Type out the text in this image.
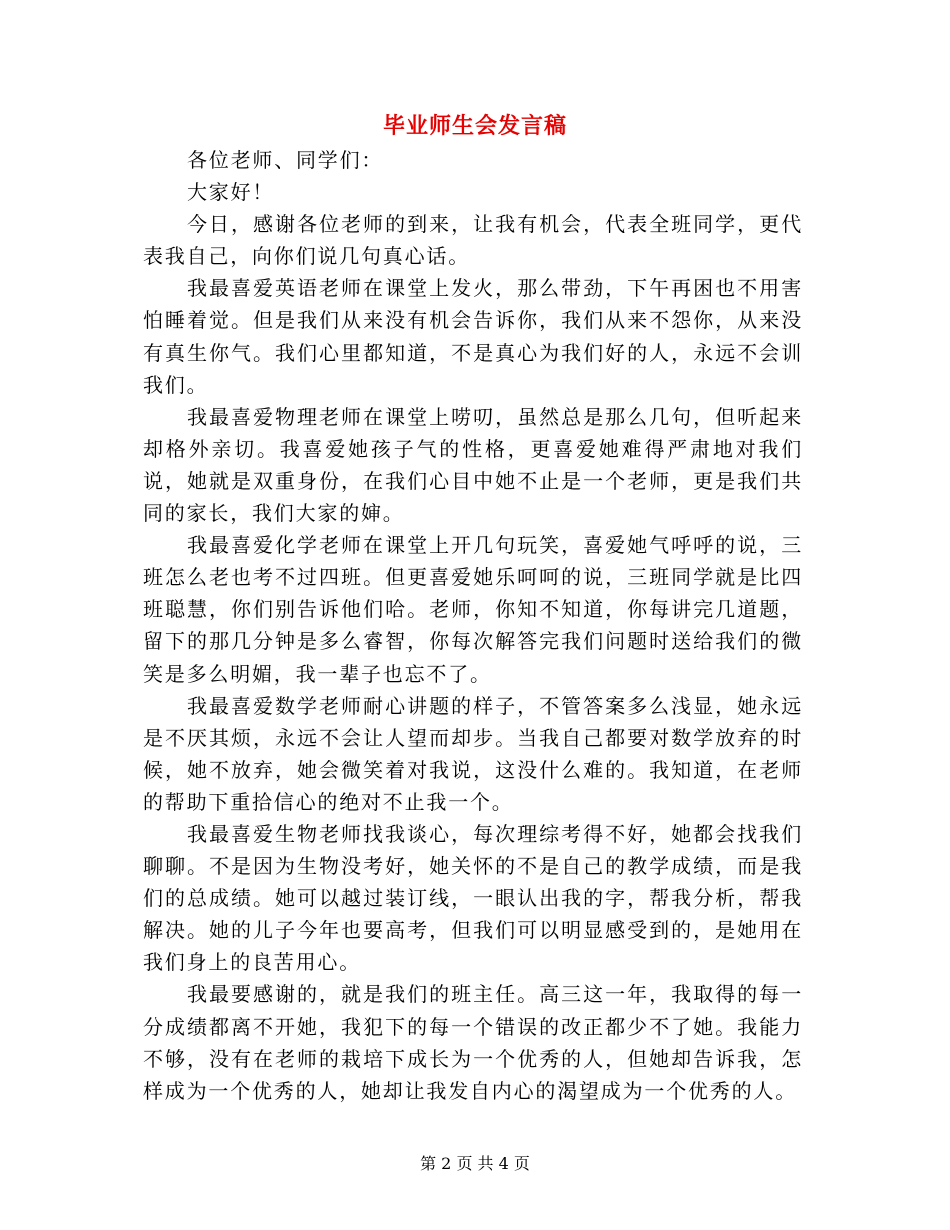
毕业师生会发言稿

各位老师、同学们：

大家好！

今日，感谢各位老师的到来，让我有机会，代表全班同学，更代表我自己，向你们说几句真心话。

我最喜爱英语老师在课堂上发火，那么带劲，下午再困也不用害怕睡着觉。但是我们从来没有机会告诉你，我们从来不怨你，从来没有真生你气。我们心里都知道，不是真心为我们好的人，永远不会训我们。

我最喜爱物理老师在课堂上唠叨，虽然总是那么几句，但听起来却格外亲切。我喜爱她孩子气的性格，更喜爱她难得严肃地对我们说，她就是双重身份，在我们心目中她不止是一个老师，更是我们共同的家长，我们大家的婶。

我最喜爱化学老师在课堂上开几句玩笑，喜爱她气呼呼的说，三班怎么老也考不过四班。但更喜爱她乐呵呵的说，三班同学就是比四班聪慧，你们别告诉他们哈。老师，你知不知道，你每讲完几道题，留下的那几分钟是多么睿智，你每次解答完我们问题时送给我们的微笑是多么明媚，我一辈子也忘不了。

我最喜爱数学老师耐心讲题的样子，不管答案多么浅显，她永远是不厌其烦，永远不会让人望而却步。当我自己都要对数学放弃的时候，她不放弃，她会微笑着对我说，这没什么难的。我知道，在老师的帮助下重拾信心的绝对不止我一个。

我最喜爱生物老师找我谈心，每次理综考得不好，她都会找我们聊聊。不是因为生物没考好，她关怀的不是自己的教学成绩，而是我们的总成绩。她可以越过装订线，一眼认出我的字，帮我分析，帮我解决。她的儿子今年也要高考，但我们可以明显感受到的，是她用在我们身上的良苦用心。

我最要感谢的，就是我们的班主任。高三这一年，我取得的每一分成绩都离不开她，我犯下的每一个错误的改正都少不了她。我能力不够，没有在老师的栽培下成长为一个优秀的人，但她却告诉我，怎样成为一个优秀的人，她却让我发自内心的渴望成为一个优秀的人。

第 2 页 共 4 页
